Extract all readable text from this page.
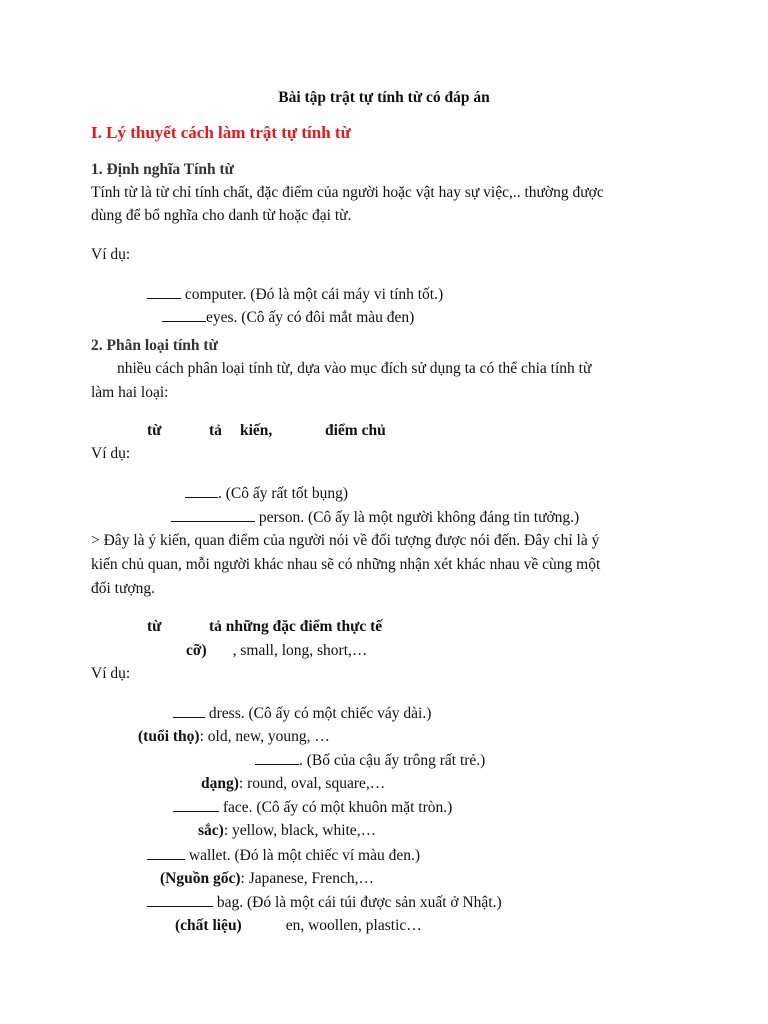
Bài tập trật tự tính từ có đáp án
I. Lý thuyết cách làm trật tự tính từ
1. Định nghĩa Tính từ
Tính từ là từ chỉ tính chất, đặc điểm của người hoặc vật hay sự việc,.. thường được
dùng để bổ nghĩa cho danh từ hoặc đại từ.
Ví dụ:
computer. (Đó là một cái máy vi tính tốt.)
eyes. (Cô ấy có đôi mắt màu đen)
2. Phân loại tính từ
nhiều cách phân loại tính từ, dựa vào mục đích sử dụng ta có thể chia tính từ
làm hai loại:
từ	tả kiến,	điểm chủ
Ví dụ:
. (Cô ấy rất tốt bụng)
person. (Cô ấy là một người không đáng tin tưởng.)
> Đây là ý kiến, quan điểm của người nói về đối tượng được nói đến. Đây chỉ là ý
kiến chủ quan, mỗi người khác nhau sẽ có những nhận xét khác nhau về cùng một
đối tượng.
từ	tả những đặc điểm thực tế
cỡ) , small, long, short,…
Ví dụ:
dress. (Cô ấy có một chiếc váy dài.)
(tuổi thọ): old, new, young, …
. (Bố của cậu ấy trông rất trẻ.)
dạng): round, oval, square,…
face. (Cô ấy có một khuôn mặt tròn.)
sắc): yellow, black, white,…
wallet. (Đó là một chiếc ví màu đen.)
(Nguồn gốc): Japanese, French,…
bag. (Đó là một cái túi được sản xuất ở Nhật.)
(chất liệu)	en, woollen, plastic…
